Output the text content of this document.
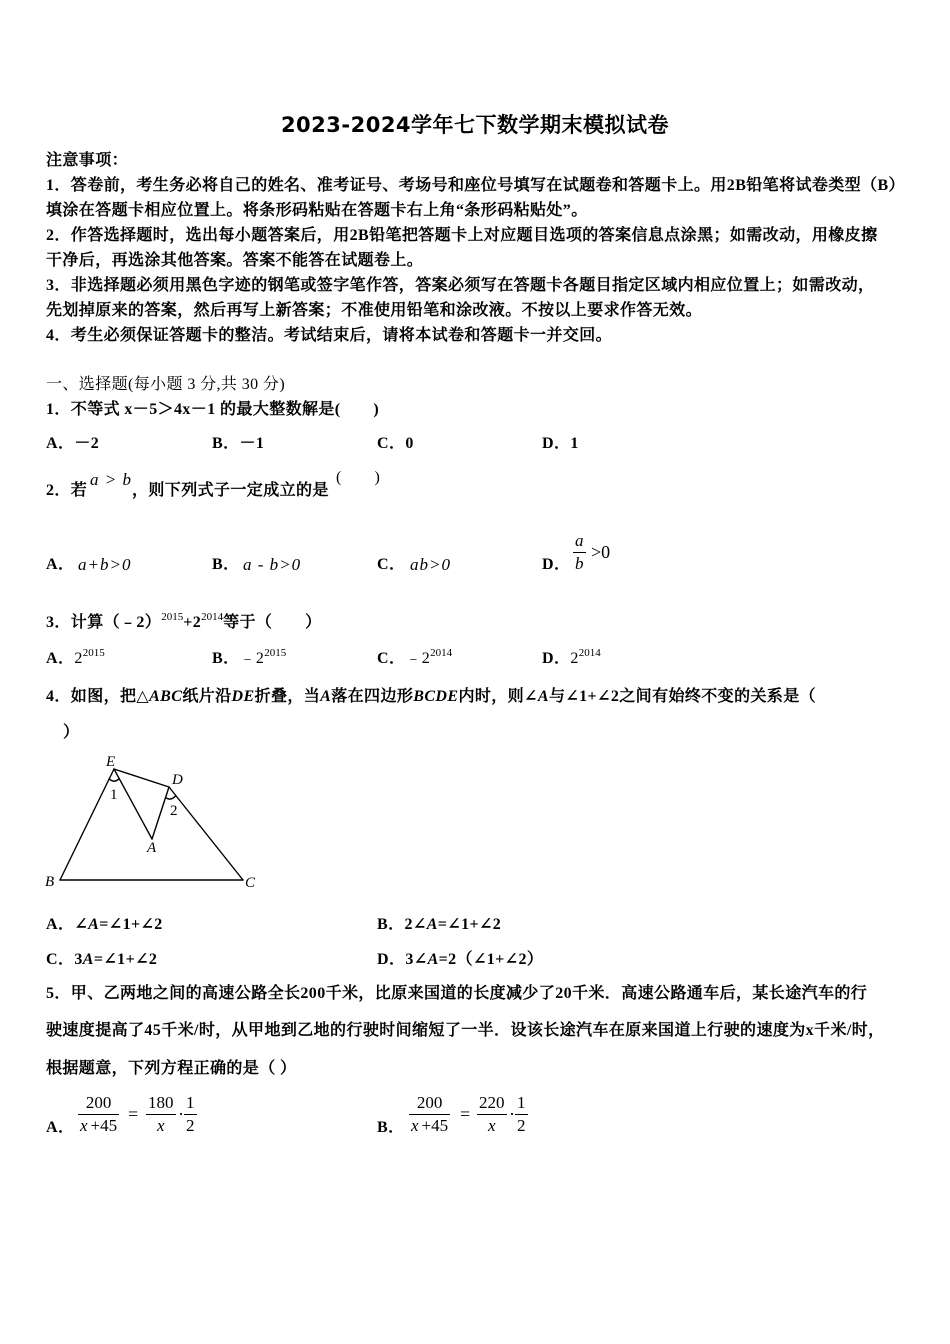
2023-2024学年七下数学期末模拟试卷
注意事项：
1．答卷前，考生务必将自己的姓名、准考证号、考场号和座位号填写在试题卷和答题卡上。用2B铅笔将试卷类型（B）
填涂在答题卡相应位置上。将条形码粘贴在答题卡右上角“条形码粘贴处”。
2．作答选择题时，选出每小题答案后，用2B铅笔把答题卡上对应题目选项的答案信息点涂黑；如需改动，用橡皮擦
干净后，再选涂其他答案。答案不能答在试题卷上。
3．非选择题必须用黑色字迹的钢笔或签字笔作答，答案必须写在答题卡各题目指定区域内相应位置上；如需改动，
先划掉原来的答案，然后再写上新答案；不准使用铅笔和涂改液。不按以上要求作答无效。
4．考生必须保证答题卡的整洁。考试结束后，请将本试卷和答题卡一并交回。
一、选择题(每小题 3 分,共 30 分)
1．不等式 x－5＞4x－1 的最大整数解是(　　)
A．－2	B．－1	C．0	D．1
2．若
a > b
，则下列式子一定成立的是
(　　)
A． a+b>0	B． a - b>0	C． ab>0	D．
a
b
>0
3．计算$(﹣2)^{2015}+2^{2014}$等于（　　）
A．$2^{2015}$	B．$﹣2^{2015}$	C．$﹣2^{2014}$	D．$2^{2014}$
4．如图，把△ABC纸片沿DE折叠，当A落在四边形BCDE内时，则∠A与∠1+∠2之间有始终不变的关系是（
）
E
D
1
2
A
B	C
A．∠A=∠1+∠2	B．2∠A=∠1+∠2
C．3A=∠1+∠2	D．3∠A=2（∠1+∠2）
5．甲、乙两地之间的高速公路全长200千米，比原来国道的长度减少了20千米．高速公路通车后，某长途汽车的行
驶速度提高了45千米/时，从甲地到乙地的行驶时间缩短了一半．设该长途汽车在原来国道上行驶的速度为x千米/时，
根据题意，下列方程正确的是（ ）
A．
200
x +45
=
180
x
·
1
2	B．
200
x +45
=
220
x
·
1
2
